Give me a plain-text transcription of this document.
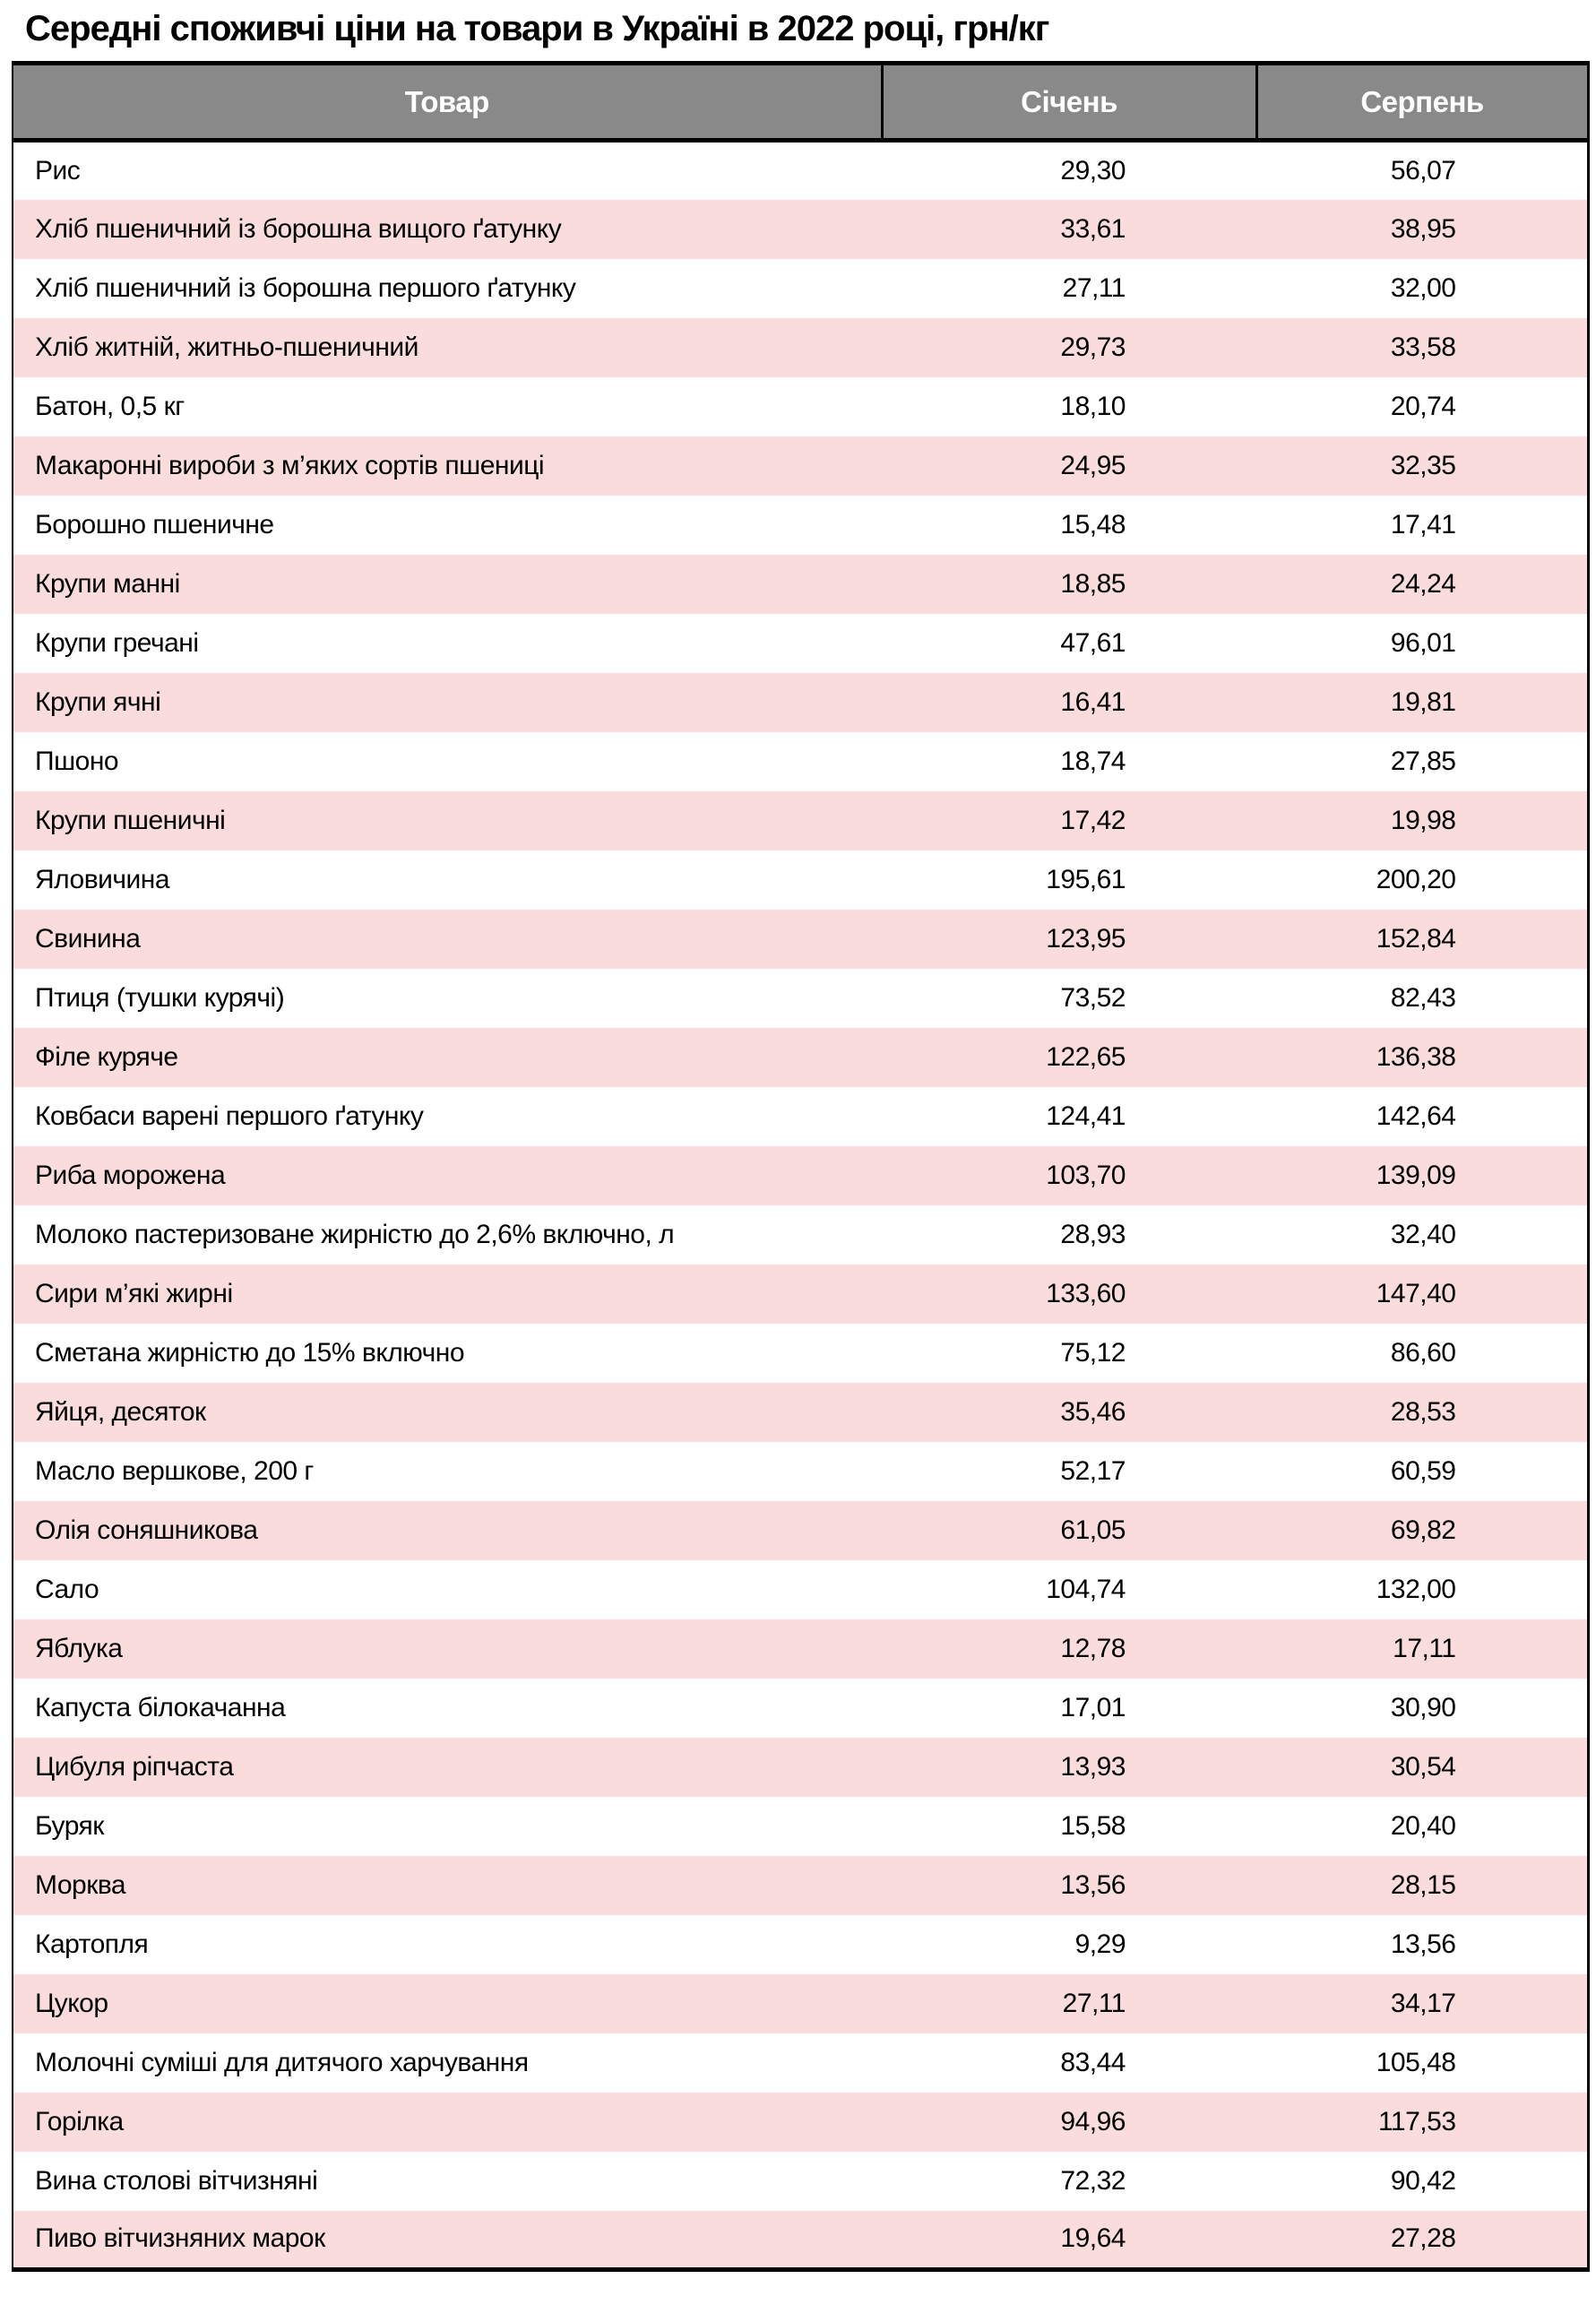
Середні споживчі ціни на товари в Україні в 2022 році, грн/кг
Товар	Січень	Серпень
Рис	29,30	56,07
Хліб пшеничний із борошна вищого ґатунку	33,61	38,95
Хліб пшеничний із борошна першого ґатунку	27,11	32,00
Хліб житній, житньо-пшеничний	29,73	33,58
Батон, 0,5 кг	18,10	20,74
Макаронні вироби з м’яких сортів пшениці	24,95	32,35
Борошно пшеничне	15,48	17,41
Крупи манні	18,85	24,24
Крупи гречані	47,61	96,01
Крупи ячні	16,41	19,81
Пшоно	18,74	27,85
Крупи пшеничні	17,42	19,98
Яловичина	195,61	200,20
Свинина	123,95	152,84
Птиця (тушки курячі)	73,52	82,43
Філе куряче	122,65	136,38
Ковбаси варені першого ґатунку	124,41	142,64
Риба морожена	103,70	139,09
Молоко пастеризоване жирністю до 2,6% включно, л	28,93	32,40
Сири м’які жирні	133,60	147,40
Сметана жирністю до 15% включно	75,12	86,60
Яйця, десяток	35,46	28,53
Масло вершкове, 200 г	52,17	60,59
Олія соняшникова	61,05	69,82
Сало	104,74	132,00
Яблука	12,78	17,11
Капуста білокачанна	17,01	30,90
Цибуля ріпчаста	13,93	30,54
Буряк	15,58	20,40
Морква	13,56	28,15
Картопля	9,29	13,56
Цукор	27,11	34,17
Молочні суміші для дитячого харчування	83,44	105,48
Горілка	94,96	117,53
Вина столові вітчизняні	72,32	90,42
Пиво вітчизняних марок	19,64	27,28
